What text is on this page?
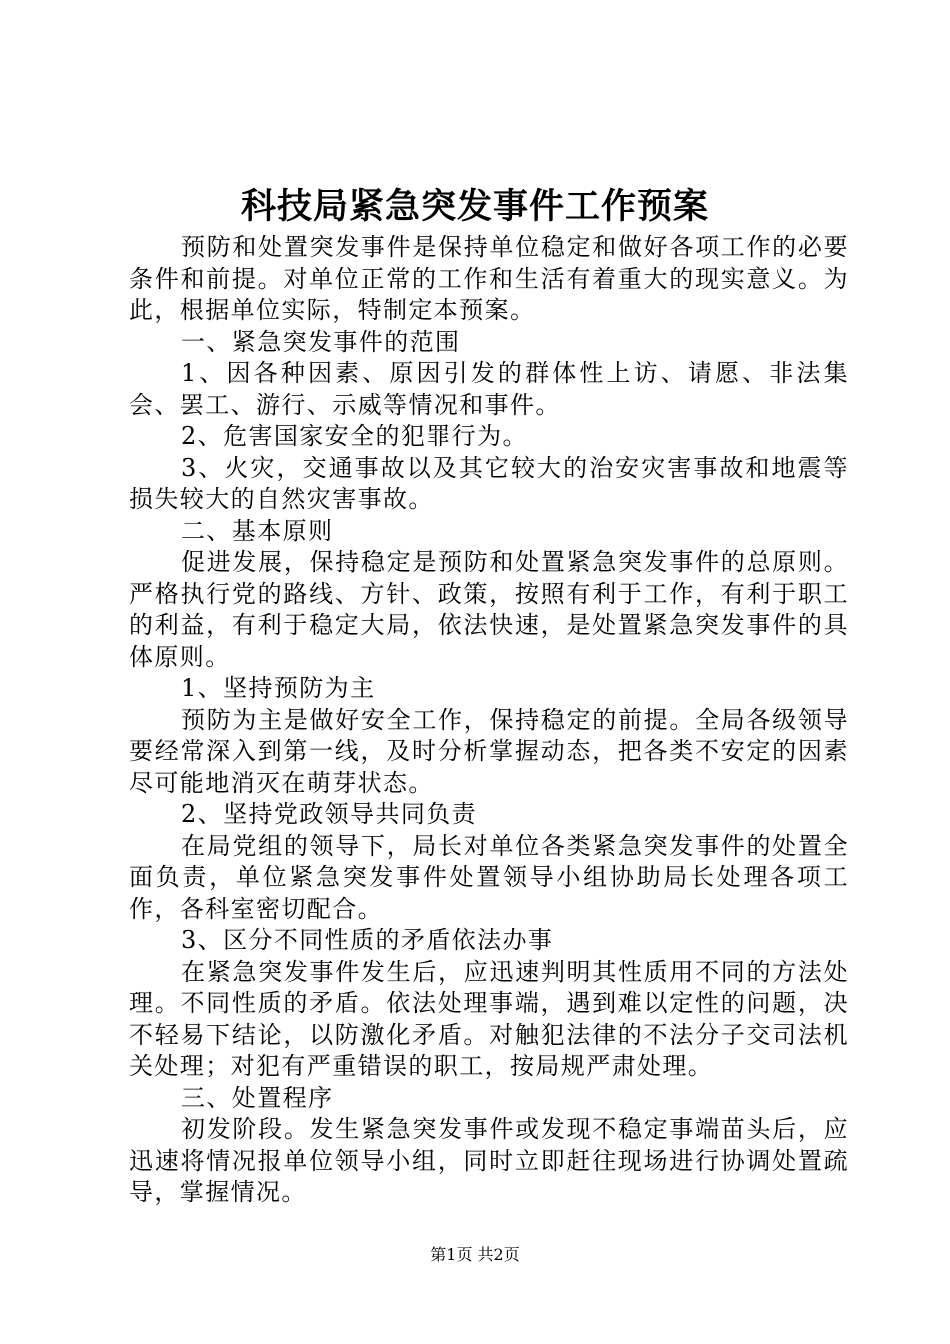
科技局紧急突发事件工作预案

预防和处置突发事件是保持单位稳定和做好各项工作的必要条件和前提。对单位正常的工作和生活有着重大的现实意义。为此，根据单位实际，特制定本预案。

一、紧急突发事件的范围

1、因各种因素、原因引发的群体性上访、请愿、非法集会、罢工、游行、示威等情况和事件。

2、危害国家安全的犯罪行为。

3、火灾，交通事故以及其它较大的治安灾害事故和地震等损失较大的自然灾害事故。

二、基本原则

促进发展，保持稳定是预防和处置紧急突发事件的总原则。严格执行党的路线、方针、政策，按照有利于工作，有利于职工的利益，有利于稳定大局，依法快速，是处置紧急突发事件的具体原则。

1、坚持预防为主

预防为主是做好安全工作，保持稳定的前提。全局各级领导要经常深入到第一线，及时分析掌握动态，把各类不安定的因素尽可能地消灭在萌芽状态。

2、坚持党政领导共同负责

在局党组的领导下，局长对单位各类紧急突发事件的处置全面负责，单位紧急突发事件处置领导小组协助局长处理各项工作，各科室密切配合。

3、区分不同性质的矛盾依法办事

在紧急突发事件发生后，应迅速判明其性质用不同的方法处理。不同性质的矛盾。依法处理事端，遇到难以定性的问题，决不轻易下结论，以防激化矛盾。对触犯法律的不法分子交司法机关处理；对犯有严重错误的职工，按局规严肃处理。

三、处置程序

初发阶段。发生紧急突发事件或发现不稳定事端苗头后，应迅速将情况报单位领导小组，同时立即赶往现场进行协调处置疏导，掌握情况。

第1页 共2页
